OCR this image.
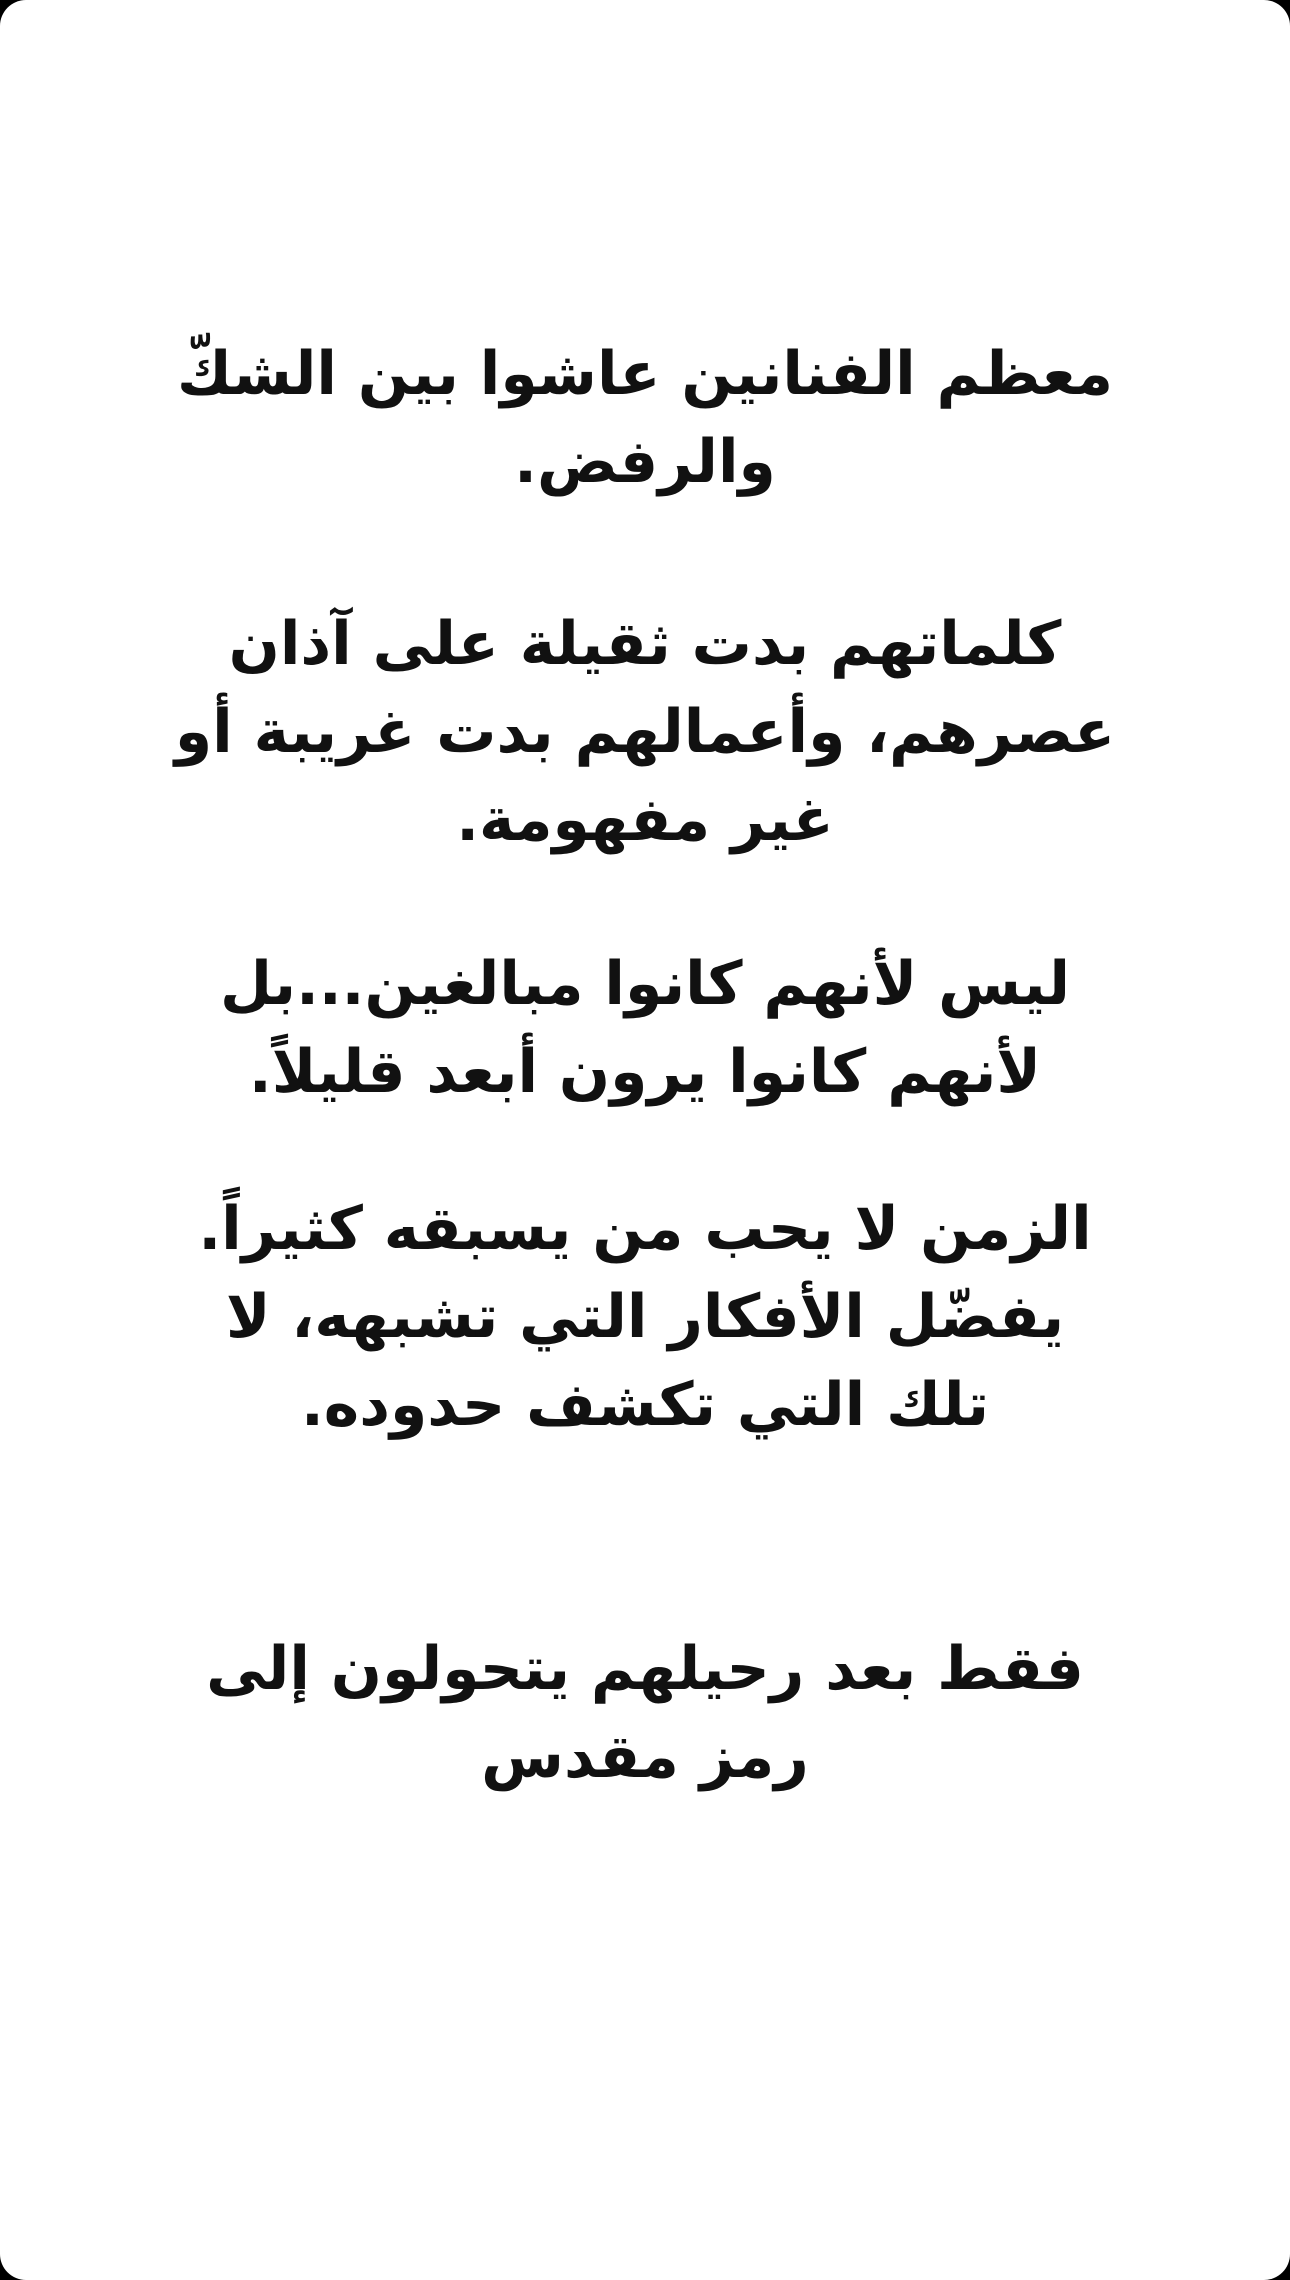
معظم الفنانين عاشوا بين الشكّ
والرفض.
كلماتهم بدت ثقيلة على آذان
عصرهم، وأعمالهم بدت غريبة أو
غير مفهومة.
ليس لأنهم كانوا مبالغين...بل
لأنهم كانوا يرون أبعد قليلاً.
الزمن لا يحب من يسبقه كثيراً.
يفضّل الأفكار التي تشبهه، لا
تلك التي تكشف حدوده.
فقط بعد رحيلهم يتحولون إلى
رمز مقدس
